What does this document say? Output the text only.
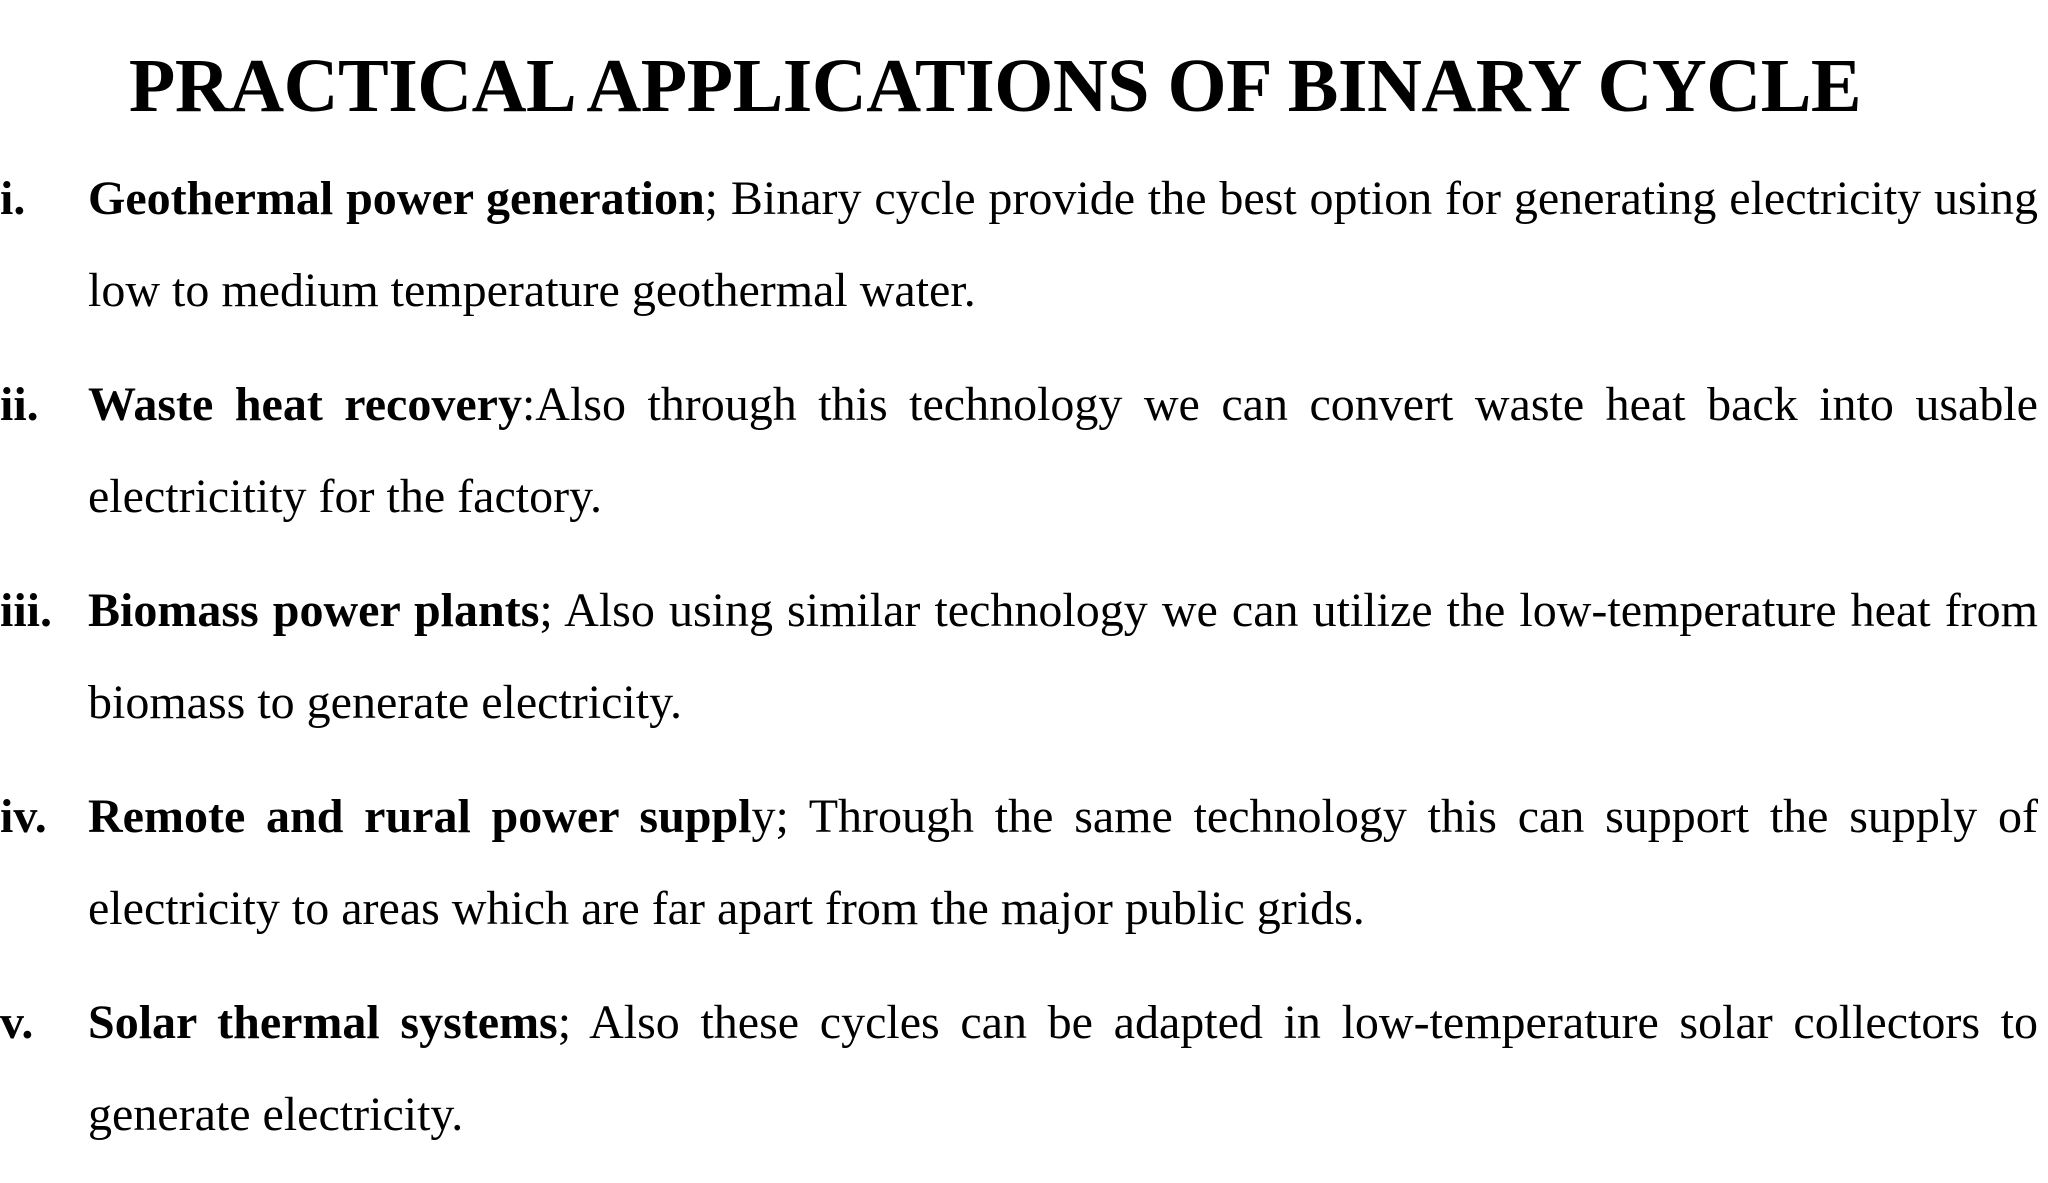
PRACTICAL APPLICATIONS OF BINARY CYCLE
i. Geothermal power generation; Binary cycle provide the best option for generating electricity using low to medium temperature geothermal water.
ii. Waste heat recovery:Also through this technology we can convert waste heat back into usable electricitity for the factory.
iii. Biomass power plants; Also using similar technology we can utilize the low-temperature heat from biomass to generate electricity.
iv. Remote and rural power supply; Through the same technology this can support the supply of electricity to areas which are far apart from the major public grids.
v. Solar thermal systems; Also these cycles can be adapted in low-temperature solar collectors to generate electricity.
